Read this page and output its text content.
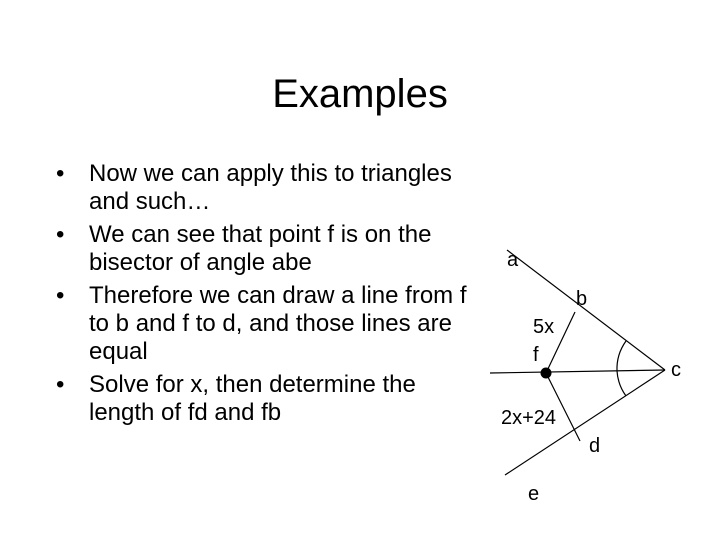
Examples
• Now we can apply this to triangles and such…
• We can see that point f is on the bisector of angle abe
• Therefore we can draw a line from f to b and f to d, and those lines are equal
• Solve for x, then determine the length of fd and fb
a
b
5x
f
c
2x+24
d
e
